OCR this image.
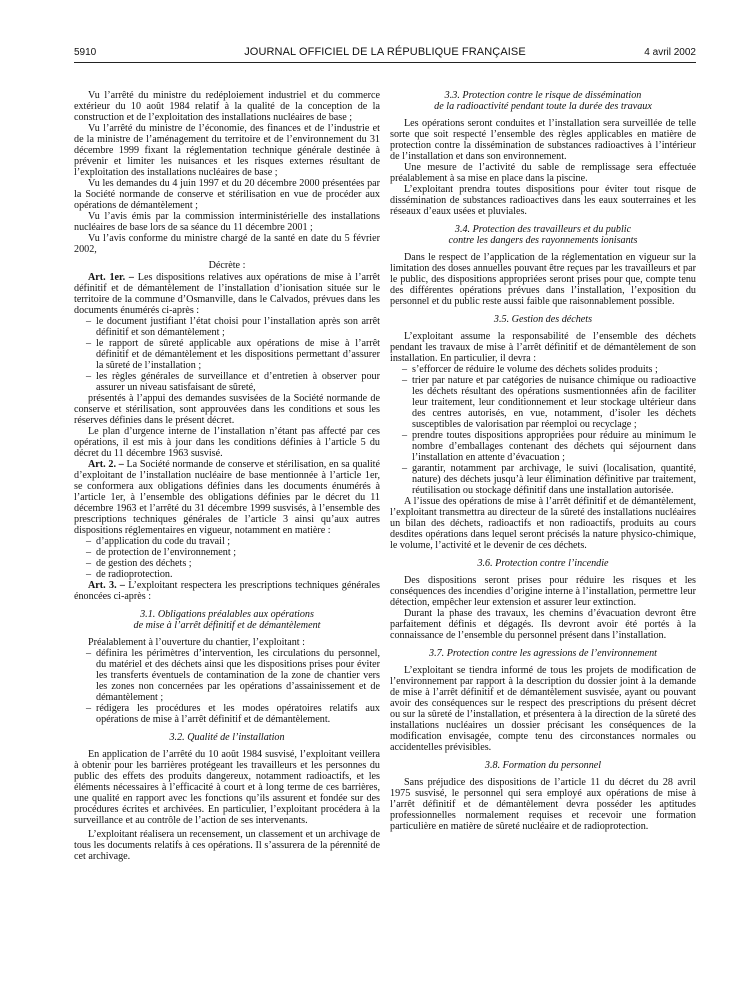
5910	JOURNAL OFFICIEL DE LA RÉPUBLIQUE FRANÇAISE	4 avril 2002

Vu l’arrêté du ministre du redéploiement industriel et du commerce extérieur du 10 août 1984 relatif à la qualité de la conception de la construction et de l’exploitation des installations nucléaires de base ;

Vu l’arrêté du ministre de l’économie, des finances et de l’industrie et de la ministre de l’aménagement du territoire et de l’environnement du 31 décembre 1999 fixant la réglementation technique générale destinée à prévenir et limiter les nuisances et les risques externes résultant de l’exploitation des installations nucléaires de base ;

Vu les demandes du 4 juin 1997 et du 20 décembre 2000 présentées par la Société normande de conserve et stérilisation en vue de procéder aux opérations de démantèlement ;

Vu l’avis émis par la commission interministérielle des installations nucléaires de base lors de sa séance du 11 décembre 2001 ;

Vu l’avis conforme du ministre chargé de la santé en date du 5 février 2002,

Décrète :

Art. 1er. – Les dispositions relatives aux opérations de mise à l’arrêt définitif et de démantèlement de l’installation d’ionisation située sur le territoire de la commune d’Osmanville, dans le Calvados, prévues dans les documents énumérés ci-après :

– le document justifiant l’état choisi pour l’installation après son arrêt définitif et son démantèlement ;

– le rapport de sûreté applicable aux opérations de mise à l’arrêt définitif et de démantèlement et les dispositions permettant d’assurer la sûreté de l’installation ;

– les règles générales de surveillance et d’entretien à observer pour assurer un niveau satisfaisant de sûreté,

présentés à l’appui des demandes susvisées de la Société normande de conserve et stérilisation, sont approuvées dans les conditions et sous les réserves définies dans le présent décret.

Le plan d’urgence interne de l’installation n’étant pas affecté par ces opérations, il est mis à jour dans les conditions définies à l’article 5 du décret du 11 décembre 1963 susvisé.

Art. 2. – La Société normande de conserve et stérilisation, en sa qualité d’exploitant de l’installation nucléaire de base mentionnée à l’article 1er, se conformera aux obligations définies dans les documents énumérés à l’article 1er, à l’ensemble des obligations définies par le décret du 11 décembre 1963 et l’arrêté du 31 décembre 1999 susvisés, à l’ensemble des prescriptions techniques générales de l’article 3 ainsi qu’aux autres dispositions réglementaires en vigueur, notamment en matière :

– d’application du code du travail ;

– de protection de l’environnement ;

– de gestion des déchets ;

– de radioprotection.

Art. 3. – L’exploitant respectera les prescriptions techniques générales énoncées ci-après :

3.1. Obligations préalables aux opérations
de mise à l’arrêt définitif et de démantèlement

Préalablement à l’ouverture du chantier, l’exploitant :

– définira les périmètres d’intervention, les circulations du personnel, du matériel et des déchets ainsi que les dispositions prises pour éviter les transferts éventuels de contamination de la zone de chantier vers les zones non concernées par les opérations d’assainissement et de démantèlement ;

– rédigera les procédures et les modes opératoires relatifs aux opérations de mise à l’arrêt définitif et de démantèlement.

3.2. Qualité de l’installation

En application de l’arrêté du 10 août 1984 susvisé, l’exploitant veillera à obtenir pour les barrières protégeant les travailleurs et les personnes du public des effets des produits dangereux, notamment radioactifs, et les éléments nécessaires à l’efficacité à court et à long terme de ces barrières, une qualité en rapport avec les fonctions qu’ils assurent et fondée sur des procédures écrites et archivées. En particulier, l’exploitant procédera à la surveillance et au contrôle de l’action de ses intervenants.

L’exploitant réalisera un recensement, un classement et un archivage de tous les documents relatifs à ces opérations. Il s’assurera de la pérennité de cet archivage.

3.3. Protection contre le risque de dissémination
de la radioactivité pendant toute la durée des travaux

Les opérations seront conduites et l’installation sera surveillée de telle sorte que soit respecté l’ensemble des règles applicables en matière de protection contre la dissémination de substances radioactives à l’intérieur de l’installation et dans son environnement.

Une mesure de l’activité du sable de remplissage sera effectuée préalablement à sa mise en place dans la piscine.

L’exploitant prendra toutes dispositions pour éviter tout risque de dissémination de substances radioactives dans les eaux souterraines et les réseaux d’eaux usées et pluviales.

3.4. Protection des travailleurs et du public
contre les dangers des rayonnements ionisants

Dans le respect de l’application de la réglementation en vigueur sur la limitation des doses annuelles pouvant être reçues par les travailleurs et par le public, des dispositions appropriées seront prises pour que, compte tenu des différentes opérations prévues dans l’installation, l’exposition du personnel et du public reste aussi faible que raisonnablement possible.

3.5. Gestion des déchets

L’exploitant assume la responsabilité de l’ensemble des déchets pendant les travaux de mise à l’arrêt définitif et de démantèlement de son installation. En particulier, il devra :

– s’efforcer de réduire le volume des déchets solides produits ;

– trier par nature et par catégories de nuisance chimique ou radioactive les déchets résultant des opérations susmentionnées afin de faciliter leur traitement, leur conditionnement et leur stockage ultérieur dans des centres autorisés, en vue, notamment, d’isoler les déchets susceptibles de valorisation par réemploi ou recyclage ;

– prendre toutes dispositions appropriées pour réduire au minimum le nombre d’emballages contenant des déchets qui séjournent dans l’installation en attente d’évacuation ;

– garantir, notamment par archivage, le suivi (localisation, quantité, nature) des déchets jusqu’à leur élimination définitive par traitement, réutilisation ou stockage définitif dans une installation autorisée.

A l’issue des opérations de mise à l’arrêt définitif et de démantèlement, l’exploitant transmettra au directeur de la sûreté des installations nucléaires un bilan des déchets, radioactifs et non radioactifs, produits au cours desdites opérations dans lequel seront précisés la nature physico-chimique, le volume, l’activité et le devenir de ces déchets.

3.6. Protection contre l’incendie

Des dispositions seront prises pour réduire les risques et les conséquences des incendies d’origine interne à l’installation, permettre leur détection, empêcher leur extension et assurer leur extinction.

Durant la phase des travaux, les chemins d’évacuation devront être parfaitement définis et dégagés. Ils devront avoir été portés à la connaissance de l’ensemble du personnel présent dans l’installation.

3.7. Protection contre les agressions de l’environnement

L’exploitant se tiendra informé de tous les projets de modification de l’environnement par rapport à la description du dossier joint à la demande de mise à l’arrêt définitif et de démantèlement susvisée, ayant ou pouvant avoir des conséquences sur le respect des prescriptions du présent décret ou sur la sûreté de l’installation, et présentera à la direction de la sûreté des installations nucléaires un dossier précisant les conséquences de la modification envisagée, compte tenu des circonstances normales ou accidentelles prévisibles.

3.8. Formation du personnel

Sans préjudice des dispositions de l’article 11 du décret du 28 avril 1975 susvisé, le personnel qui sera employé aux opérations de mise à l’arrêt définitif et de démantèlement devra posséder les aptitudes professionnelles normalement requises et recevoir une formation particulière en matière de sûreté nucléaire et de radioprotection.
